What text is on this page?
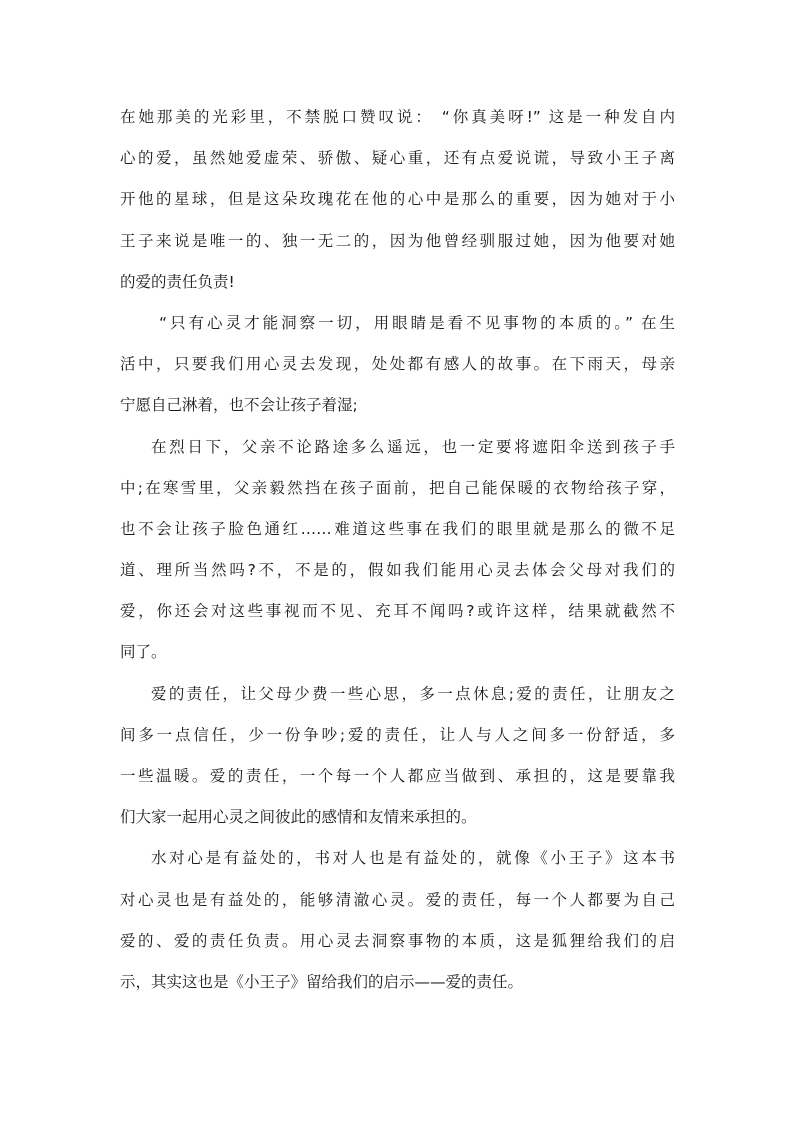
在她那美的光彩里，不禁脱口赞叹说： “你真美呀!” 这是一种发自内
心的爱，虽然她爱虚荣、骄傲、疑心重，还有点爱说谎，导致小王子离
开他的星球，但是这朵玫瑰花在他的心中是那么的重要，因为她对于小
王子来说是唯一的、独一无二的，因为他曾经驯服过她，因为他要对她
的爱的责任负责!
“只有心灵才能洞察一切，用眼睛是看不见事物的本质的。” 在生
活中，只要我们用心灵去发现，处处都有感人的故事。在下雨天，母亲
宁愿自己淋着，也不会让孩子着湿;
在烈日下，父亲不论路途多么遥远，也一定要将遮阳伞送到孩子手
中;在寒雪里，父亲毅然挡在孩子面前，把自己能保暖的衣物给孩子穿，
也不会让孩子脸色通红……难道这些事在我们的眼里就是那么的微不足
道、理所当然吗?不，不是的，假如我们能用心灵去体会父母对我们的
爱，你还会对这些事视而不见、充耳不闻吗?或许这样，结果就截然不
同了。
爱的责任，让父母少费一些心思，多一点休息;爱的责任，让朋友之
间多一点信任，少一份争吵;爱的责任，让人与人之间多一份舒适，多
一些温暖。爱的责任，一个每一个人都应当做到、承担的，这是要靠我
们大家一起用心灵之间彼此的感情和友情来承担的。
水对心是有益处的，书对人也是有益处的，就像《小王子》这本书
对心灵也是有益处的，能够清澈心灵。爱的责任，每一个人都要为自己
爱的、爱的责任负责。用心灵去洞察事物的本质，这是狐狸给我们的启
示，其实这也是《小王子》留给我们的启示——爱的责任。
